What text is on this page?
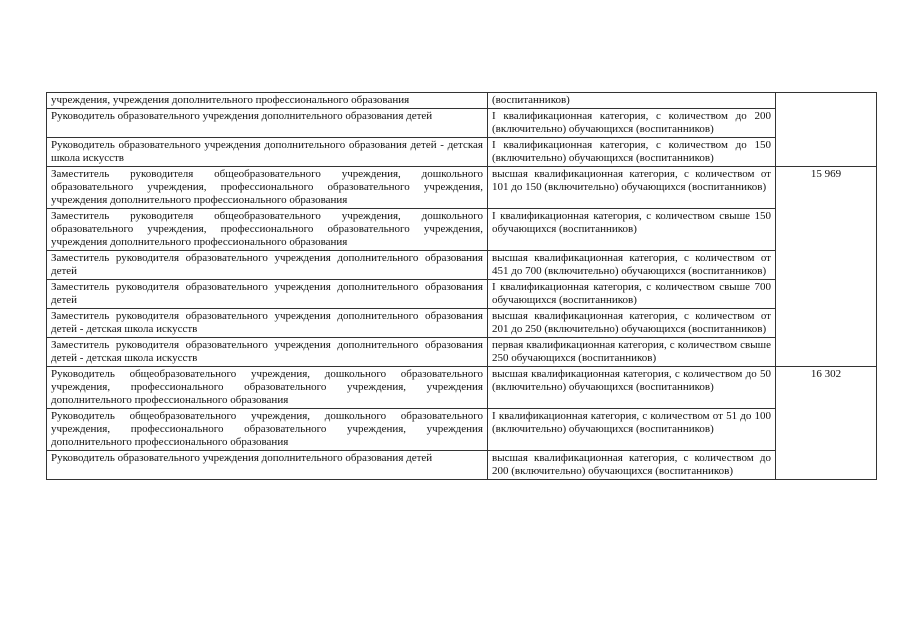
учреждения, учреждения дополнительного профессионального образования	(воспитанников)	
Руководитель образовательного учреждения дополнительного образования детей	I квалификационная категория, с количеством до 200 (включительно) обучающихся (воспитанников)	
Руководитель образовательного учреждения дополнительного образования детей - детская школа искусств	I квалификационная категория, с количеством до 150 (включительно) обучающихся (воспитанников)	
Заместитель руководителя общеобразовательного учреждения, дошкольного образовательного учреждения, профессионального образовательного учреждения, учреждения дополнительного профессионального образования	высшая квалификационная категория, с количеством от 101 до 150 (включительно) обучающихся (воспитанников)	15 969
Заместитель руководителя общеобразовательного учреждения, дошкольного образовательного учреждения, профессионального образовательного учреждения, учреждения дополнительного профессионального образования	I квалификационная категория, с количеством свыше 150 обучающихся (воспитанников)	
Заместитель руководителя образовательного учреждения дополнительного образования детей	высшая квалификационная категория, с количеством от 451 до 700 (включительно) обучающихся (воспитанников)	
Заместитель руководителя образовательного учреждения дополнительного образования детей	I квалификационная категория, с количеством свыше 700 обучающихся (воспитанников)	
Заместитель руководителя образовательного учреждения дополнительного образования детей - детская школа искусств	высшая квалификационная категория, с количеством от 201 до 250 (включительно) обучающихся (воспитанников)	
Заместитель руководителя образовательного учреждения дополнительного образования детей - детская школа искусств	первая квалификационная категория, с количеством свыше 250 обучающихся (воспитанников)	
Руководитель общеобразовательного учреждения, дошкольного образовательного учреждения, профессионального образовательного учреждения, учреждения дополнительного профессионального образования	высшая квалификационная категория, с количеством до 50 (включительно) обучающихся (воспитанников)	16 302
Руководитель общеобразовательного учреждения, дошкольного образовательного учреждения, профессионального образовательного учреждения, учреждения дополнительного профессионального образования	I квалификационная категория, с количеством от 51 до 100 (включительно) обучающихся (воспитанников)	
Руководитель образовательного учреждения дополнительного образования детей	высшая квалификационная категория, с количеством до 200 (включительно) обучающихся (воспитанников)	
